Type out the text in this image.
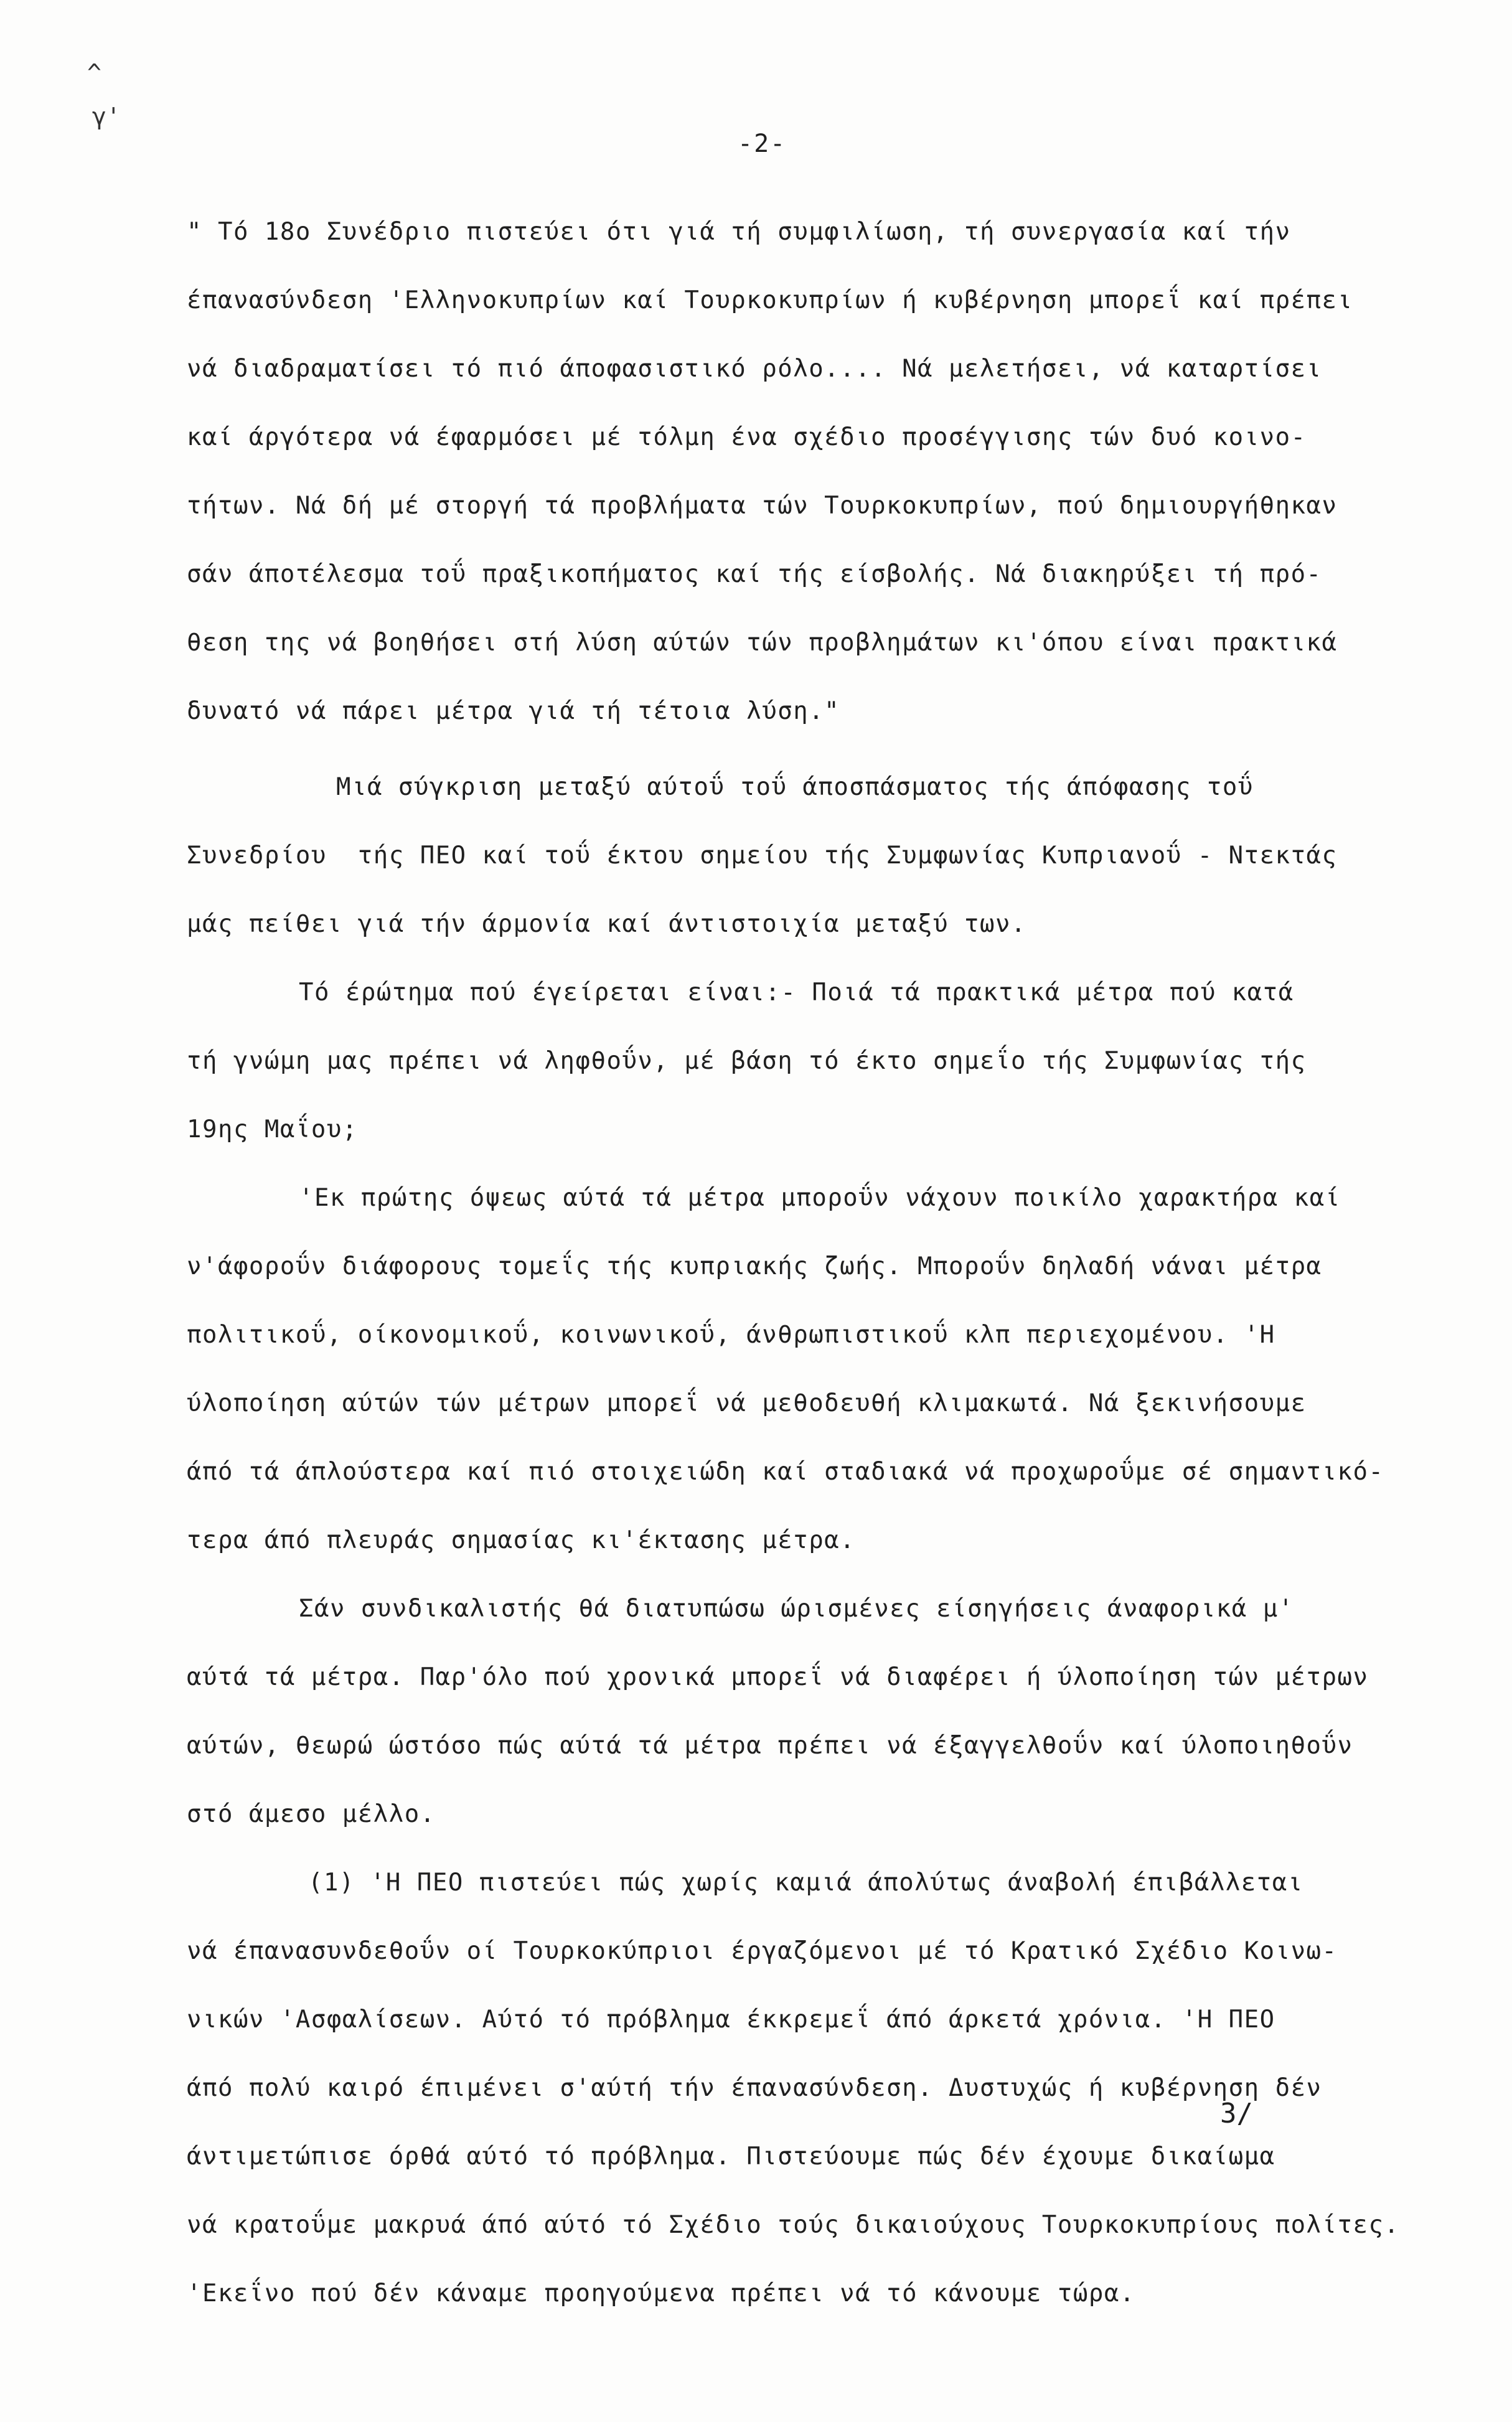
^
γ'
-2-
" Τό 18ο Συνέδριο πιστεύει ότι γιά τή συμφιλίωση, τή συνεργασία καί τήν
έπανασύνδεση 'Ελληνοκυπρίων καί Τουρκοκυπρίων ή κυβέρνηση μπορεΐ καί πρέπει
νά διαδραματίσει τό πιό άποφασιστικό ρόλο.... Νά μελετήσει, νά καταρτίσει
καί άργότερα νά έφαρμόσει μέ τόλμη ένα σχέδιο προσέγγισης τών δυό κοινο-
τήτων. Νά δή μέ στοργή τά προβλήματα τών Τουρκοκυπρίων, πού δημιουργήθηκαν
σάν άποτέλεσμα τοΰ πραξικοπήματος καί τής είσβολής. Νά διακηρύξει τή πρό-
θεση της νά βοηθήσει στή λύση αύτών τών προβλημάτων κι'όπου είναι πρακτικά
δυνατό νά πάρει μέτρα γιά τή τέτοια λύση."
Μιά σύγκριση μεταξύ αύτοΰ τοΰ άποσπάσματος τής άπόφασης τοΰ
Συνεδρίου  τής ΠΕΟ καί τοΰ έκτου σημείου τής Συμφωνίας Κυπριανοΰ - Ντεκτάς
μάς πείθει γιά τήν άρμονία καί άντιστοιχία μεταξύ των.
Τό έρώτημα πού έγείρεται είναι:- Ποιά τά πρακτικά μέτρα πού κατά
τή γνώμη μας πρέπει νά ληφθοΰν, μέ βάση τό έκτο σημεΐο τής Συμφωνίας τής
19ης Μαΐου;
'Εκ πρώτης όψεως αύτά τά μέτρα μποροΰν νάχουν ποικίλο χαρακτήρα καί
ν'άφοροΰν διάφορους τομεΐς τής κυπριακής ζωής. Μποροΰν δηλαδή νάναι μέτρα
πολιτικοΰ, οίκονομικοΰ, κοινωνικοΰ, άνθρωπιστικοΰ κλπ περιεχομένου. 'Η
ύλοποίηση αύτών τών μέτρων μπορεΐ νά μεθοδευθή κλιμακωτά. Νά ξεκινήσουμε
άπό τά άπλούστερα καί πιό στοιχειώδη καί σταδιακά νά προχωροΰμε σέ σημαντικό-
τερα άπό πλευράς σημασίας κι'έκτασης μέτρα.
Σάν συνδικαλιστής θά διατυπώσω ώρισμένες είσηγήσεις άναφορικά μ'
αύτά τά μέτρα. Παρ'όλο πού χρονικά μπορεΐ νά διαφέρει ή ύλοποίηση τών μέτρων
αύτών, θεωρώ ώστόσο πώς αύτά τά μέτρα πρέπει νά έξαγγελθοΰν καί ύλοποιηθοΰν
στό άμεσο μέλλο.
(1) 'Η ΠΕΟ πιστεύει πώς χωρίς καμιά άπολύτως άναβολή έπιβάλλεται
νά έπανασυνδεθοΰν οί Τουρκοκύπριοι έργαζόμενοι μέ τό Κρατικό Σχέδιο Κοινω-
νικών 'Ασφαλίσεων. Αύτό τό πρόβλημα έκκρεμεΐ άπό άρκετά χρόνια. 'Η ΠΕΟ
άπό πολύ καιρό έπιμένει σ'αύτή τήν έπανασύνδεση. Δυστυχώς ή κυβέρνηση δέν
άντιμετώπισε όρθά αύτό τό πρόβλημα. Πιστεύουμε πώς δέν έχουμε δικαίωμα
νά κρατοΰμε μακρυά άπό αύτό τό Σχέδιο τούς δικαιούχους Τουρκοκυπρίους πολίτες.
'Εκεΐνο πού δέν κάναμε προηγούμενα πρέπει νά τό κάνουμε τώρα.
3/
